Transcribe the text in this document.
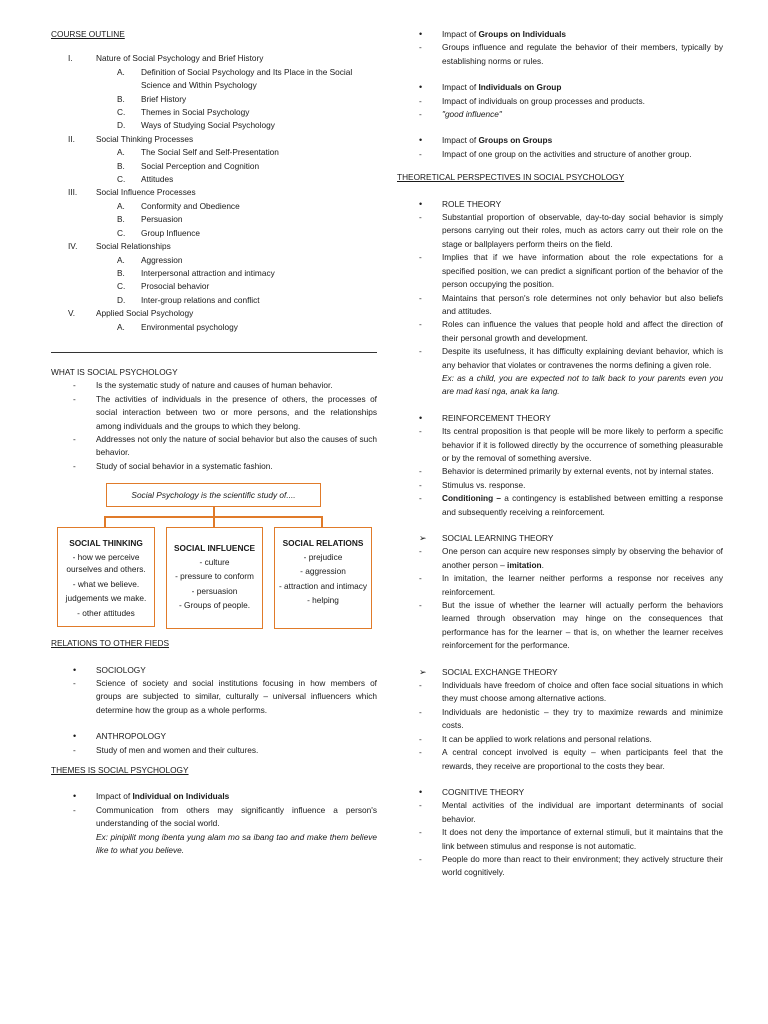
COURSE OUTLINE
I.	Nature of Social Psychology and Brief History
A.	Definition of Social Psychology and Its Place in the Social Science and Within Psychology
B.	Brief History
C.	Themes in Social Psychology
D.	Ways of Studying Social Psychology
II.	Social Thinking Processes
A.	The Social Self and Self-Presentation
B.	Social Perception and Cognition
C.	Attitudes
III.	Social Influence Processes
A.	Conformity and Obedience
B.	Persuasion
C.	Group Influence
IV.	Social Relationships
A.	Aggression
B.	Interpersonal attraction and intimacy
C.	Prosocial behavior
D.	Inter-group relations and conflict
V.	Applied Social Psychology
A.	Environmental psychology
WHAT IS SOCIAL PSYCHOLOGY
-	Is the systematic study of nature and causes of human behavior.
-	The activities of individuals in the presence of others, the processes of social interaction between two or more persons, and the relationships among individuals and the groups to which they belong.
-	Addresses not only the nature of social behavior but also the causes of such behavior.
-	Study of social behavior in a systematic fashion.
Social Psychology is the scientific study of....
SOCIAL THINKING
- how we perceive ourselves and others.
- what we believe.
judgements we make.
- other attitudes
SOCIAL INFLUENCE
- culture
- pressure to conform
- persuasion
- Groups of people.
SOCIAL RELATIONS
- prejudice
- aggression
- attraction and intimacy
- helping
RELATIONS TO OTHER FIEDS
•	SOCIOLOGY
-	Science of society and social institutions focusing in how members of groups are subjected to similar, culturally – universal influencers which determine how the group as a whole performs.
•	ANTHROPOLOGY
-	Study of men and women and their cultures.
THEMES IS SOCIAL PSYCHOLOGY
•	Impact of Individual on Individuals
-	Communication from others may significantly influence a person's understanding of the social world.
Ex: pinipilit mong ibenta yung alam mo sa ibang tao and make them believe like to what you believe.
•	Impact of Groups on Individuals
-	Groups influence and regulate the behavior of their members, typically by establishing norms or rules.
•	Impact of Individuals on Group
-	Impact of individuals on group processes and products.
-	"good influence"
•	Impact of Groups on Groups
-	Impact of one group on the activities and structure of another group.
THEORETICAL PERSPECTIVES IN SOCIAL PSYCHOLOGY
•	ROLE THEORY
-	Substantial proportion of observable, day-to-day social behavior is simply persons carrying out their roles, much as actors carry out their role on the stage or ballplayers perform theirs on the field.
-	Implies that if we have information about the role expectations for a specified position, we can predict a significant portion of the behavior of the person occupying the position.
-	Maintains that person's role determines not only behavior but also beliefs and attitudes.
-	Roles can influence the values that people hold and affect the direction of their personal growth and development.
-	Despite its usefulness, it has difficulty explaining deviant behavior, which is any behavior that violates or contravenes the norms defining a given role.
Ex: as a child, you are expected not to talk back to your parents even you are mad kasi nga, anak ka lang.
•	REINFORCEMENT THEORY
-	Its central proposition is that people will be more likely to perform a specific behavior if it is followed directly by the occurrence of something pleasurable or by the removal of something aversive.
-	Behavior is determined primarily by external events, not by internal states.
-	Stimulus vs. response.
-	Conditioning – a contingency is established between emitting a response and subsequently receiving a reinforcement.
➢	SOCIAL LEARNING THEORY
-	One person can acquire new responses simply by observing the behavior of another person – imitation.
-	In imitation, the learner neither performs a response nor receives any reinforcement.
-	But the issue of whether the learner will actually perform the behaviors learned through observation may hinge on the consequences that performance has for the learner – that is, on whether the learner receives reinforcement for the performance.
➢	SOCIAL EXCHANGE THEORY
-	Individuals have freedom of choice and often face social situations in which they must choose among alternative actions.
-	Individuals are hedonistic – they try to maximize rewards and minimize costs.
-	It can be applied to work relations and personal relations.
-	A central concept involved is equity – when participants feel that the rewards, they receive are proportional to the costs they bear.
•	COGNITIVE THEORY
-	Mental activities of the individual are important determinants of social behavior.
-	It does not deny the importance of external stimuli, but it maintains that the link between stimulus and response is not automatic.
-	People do more than react to their environment; they actively structure their world cognitively.
